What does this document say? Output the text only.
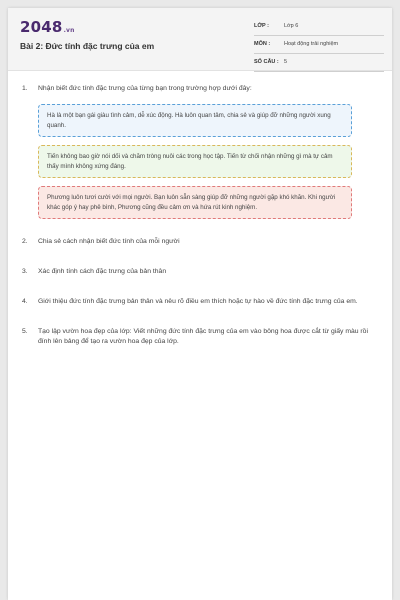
2048.vn
Bài 2: Đức tính đặc trưng của em
LỚP :	Lớp 6
MÔN :	Hoạt động trải nghiệm
SỐ CÂU : 5
1. Nhận biết đức tính đặc trưng của từng bạn trong trường hợp dưới đây:
Hà là một bạn gái giàu tình cảm, dễ xúc động. Hà luôn quan tâm, chia sẻ và giúp đỡ những người xung quanh.
Tiến không bao giờ nói dối và chăm tròng nuôi các trong học tập. Tiến từ chối nhận những gì mà tự cảm thấy mình không xứng đáng.
Phương luôn tươi cười với mọi người. Bạn luôn sẵn sàng giúp đỡ những người gặp khó khăn. Khi người khác góp ý hay phê bình, Phương cũng đều cảm ơn và hứa rút kinh nghiệm.
2. Chia sẻ cách nhận biết đức tính của mỗi người
3. Xác định tính cách đặc trưng của bản thân
4. Giới thiệu đức tính đặc trưng bản thân và nêu rõ điều em thích hoặc tự hào về đức tính đặc trưng của em.
5. Tạo lập vườn hoa đẹp của lớp: Viết những đức tính đặc trưng của em vào bông hoa được cắt từ giấy màu rồi đính lên bảng để tạo ra vườn hoa đẹp của lớp.
